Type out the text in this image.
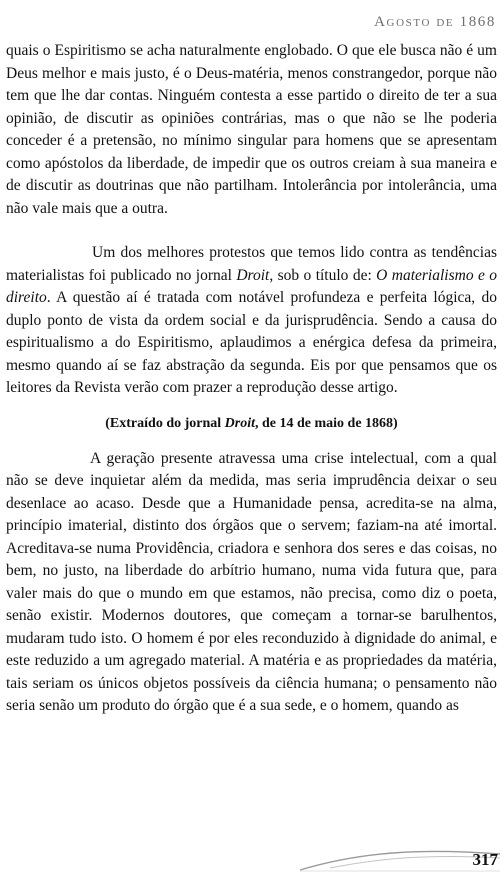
Agosto de 1868

quais o Espiritismo se acha naturalmente englobado. O que ele busca não é um Deus melhor e mais justo, é o Deus-matéria, menos constrangedor, porque não tem que lhe dar contas. Ninguém contesta a esse partido o direito de ter a sua opinião, de discutir as opiniões contrárias, mas o que não se lhe poderia conceder é a pretensão, no mínimo singular para homens que se apresentam como apóstolos da liberdade, de impedir que os outros creiam à sua maneira e de discutir as doutrinas que não partilham. Intolerância por intolerância, uma não vale mais que a outra.

Um dos melhores protestos que temos lido contra as tendências materialistas foi publicado no jornal Droit, sob o título de: O materialismo e o direito. A questão aí é tratada com notável profundeza e perfeita lógica, do duplo ponto de vista da ordem social e da jurisprudência. Sendo a causa do espiritualismo a do Espiritismo, aplaudimos a enérgica defesa da primeira, mesmo quando aí se faz abstração da segunda. Eis por que pensamos que os leitores da Revista verão com prazer a reprodução desse artigo.

(Extraído do jornal Droit, de 14 de maio de 1868)

A geração presente atravessa uma crise intelectual, com a qual não se deve inquietar além da medida, mas seria imprudência deixar o seu desenlace ao acaso. Desde que a Humanidade pensa, acredita-se na alma, princípio imaterial, distinto dos órgãos que o servem; faziam-na até imortal. Acreditava-se numa Providência, criadora e senhora dos seres e das coisas, no bem, no justo, na liberdade do arbítrio humano, numa vida futura que, para valer mais do que o mundo em que estamos, não precisa, como diz o poeta, senão existir. Modernos doutores, que começam a tornar-se barulhentos, mudaram tudo isto. O homem é por eles reconduzido à dignidade do animal, e este reduzido a um agregado material. A matéria e as propriedades da matéria, tais seriam os únicos objetos possíveis da ciência humana; o pensamento não seria senão um produto do órgão que é a sua sede, e o homem, quando as

317
